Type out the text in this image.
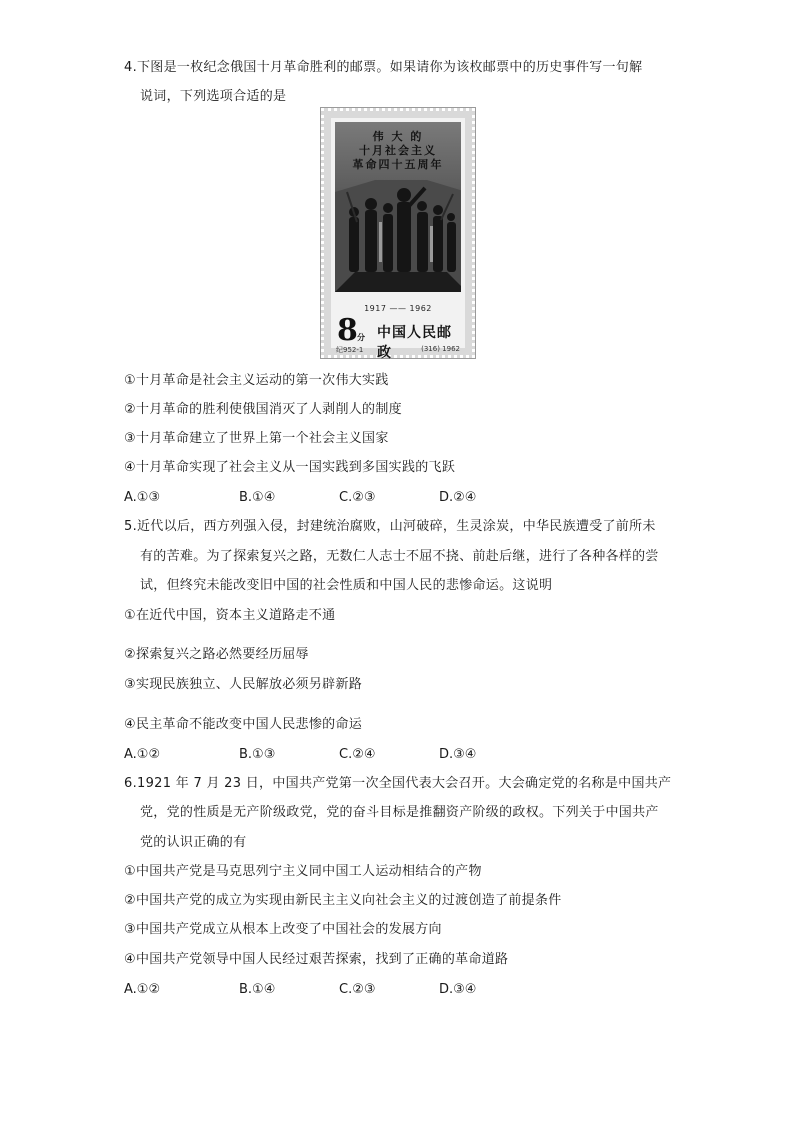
4.下图是一枚纪念俄国十月革命胜利的邮票。如果请你为该枚邮票中的历史事件写一句解
说词，下列选项合适的是
伟 大 的
十月社会主义
革命四十五周年
1917 —— 1962
8 分 中国人民邮政
纪952-1	(316) 1962
①十月革命是社会主义运动的第一次伟大实践
②十月革命的胜利使俄国消灭了人剥削人的制度
③十月革命建立了世界上第一个社会主义国家
④十月革命实现了社会主义从一国实践到多国实践的飞跃
A.①③	B.①④	C.②③	D.②④
5.近代以后，西方列强入侵，封建统治腐败，山河破碎，生灵涂炭，中华民族遭受了前所未
有的苦难。为了探索复兴之路，无数仁人志士不屈不挠、前赴后继，进行了各种各样的尝
试，但终究未能改变旧中国的社会性质和中国人民的悲惨命运。这说明
①在近代中国，资本主义道路走不通
②探索复兴之路必然要经历屈辱
③实现民族独立、人民解放必须另辟新路
④民主革命不能改变中国人民悲惨的命运
A.①②	B.①③	C.②④	D.③④
6.1921 年 7 月 23 日，中国共产党第一次全国代表大会召开。大会确定党的名称是中国共产
党，党的性质是无产阶级政党，党的奋斗目标是推翻资产阶级的政权。下列关于中国共产
党的认识正确的有
①中国共产党是马克思列宁主义同中国工人运动相结合的产物
②中国共产党的成立为实现由新民主主义向社会主义的过渡创造了前提条件
③中国共产党成立从根本上改变了中国社会的发展方向
④中国共产党领导中国人民经过艰苦探索，找到了正确的革命道路
A.①②	B.①④	C.②③	D.③④
